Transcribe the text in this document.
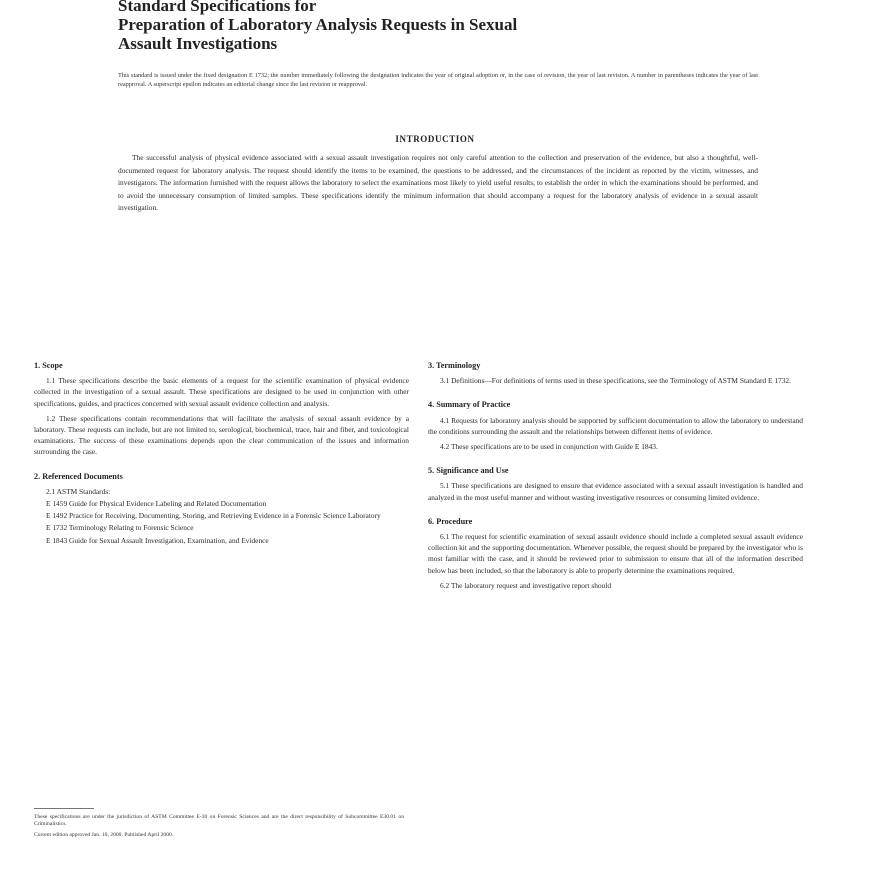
Standard Specifications for
Preparation of Laboratory Analysis Requests in Sexual
Assault Investigations
This standard is issued under the fixed designation E 1732; the number immediately following the designation indicates the year of original adoption or, in the case of revision, the year of last revision. A number in parentheses indicates the year of last reapproval. A superscript epsilon indicates an editorial change since the last revision or reapproval.
INTRODUCTION
The successful analysis of physical evidence associated with a sexual assault investigation requires not only careful attention to the collection and preservation of the evidence, but also a thoughtful, well-documented request for laboratory analysis. The request should identify the items to be examined, the questions to be addressed, and the circumstances of the incident as reported by the victim, witnesses, and investigators. The information furnished with the request allows the laboratory to select the examinations most likely to yield useful results, to establish the order in which the examinations should be performed, and to avoid the unnecessary consumption of limited samples. These specifications identify the minimum information that should accompany a request for the laboratory analysis of evidence in a sexual assault investigation.
1. Scope

1.1 These specifications describe the basic elements of a request for the scientific examination of physical evidence collected in the investigation of a sexual assault. These specifications are designed to be used in conjunction with other specifications, guides, and practices concerned with sexual assault evidence collection and analysis.

1.2 These specifications contain recommendations that will facilitate the analysis of sexual assault evidence by a laboratory. These requests can include, but are not limited to, serological, biochemical, trace, hair and fiber, and toxicological examinations. The success of these examinations depends upon the clear communication of the issues and information surrounding the case.

2. Referenced Documents
2.1 ASTM Standards:
E 1459 Guide for Physical Evidence Labeling and Related Documentation
E 1492 Practice for Receiving, Documenting, Storing, and Retrieving Evidence in a Forensic Science Laboratory
E 1732 Terminology Relating to Forensic Science
E 1843 Guide for Sexual Assault Investigation, Examination, and Evidence
3. Terminology

3.1 Definitions—For definitions of terms used in these specifications, see the Terminology of ASTM Standard E 1732.

4. Summary of Practice

4.1 Requests for laboratory analysis should be supported by sufficient documentation to allow the laboratory to understand the conditions surrounding the assault and the relationships between different items of evidence.

4.2 These specifications are to be used in conjunction with Guide E 1843.

5. Significance and Use

5.1 These specifications are designed to ensure that evidence associated with a sexual assault investigation is handled and analyzed in the most useful manner and without wasting investigative resources or consuming limited evidence.

6. Procedure

6.1 The request for scientific examination of sexual assault evidence should include a completed sexual assault evidence collection kit and the supporting documentation. Whenever possible, the request should be prepared by the investigator who is most familiar with the case, and it should be reviewed prior to submission to ensure that all of the information described below has been included, so that the laboratory is able to properly determine the examinations required.

6.2 The laboratory request and investigative report should

These specifications are under the jurisdiction of ASTM Committee E-30 on Forensic Sciences and are the direct responsibility of Subcommittee E30.01 on Criminalistics.

Current edition approved Jan. 10, 2000. Published April 2000.
